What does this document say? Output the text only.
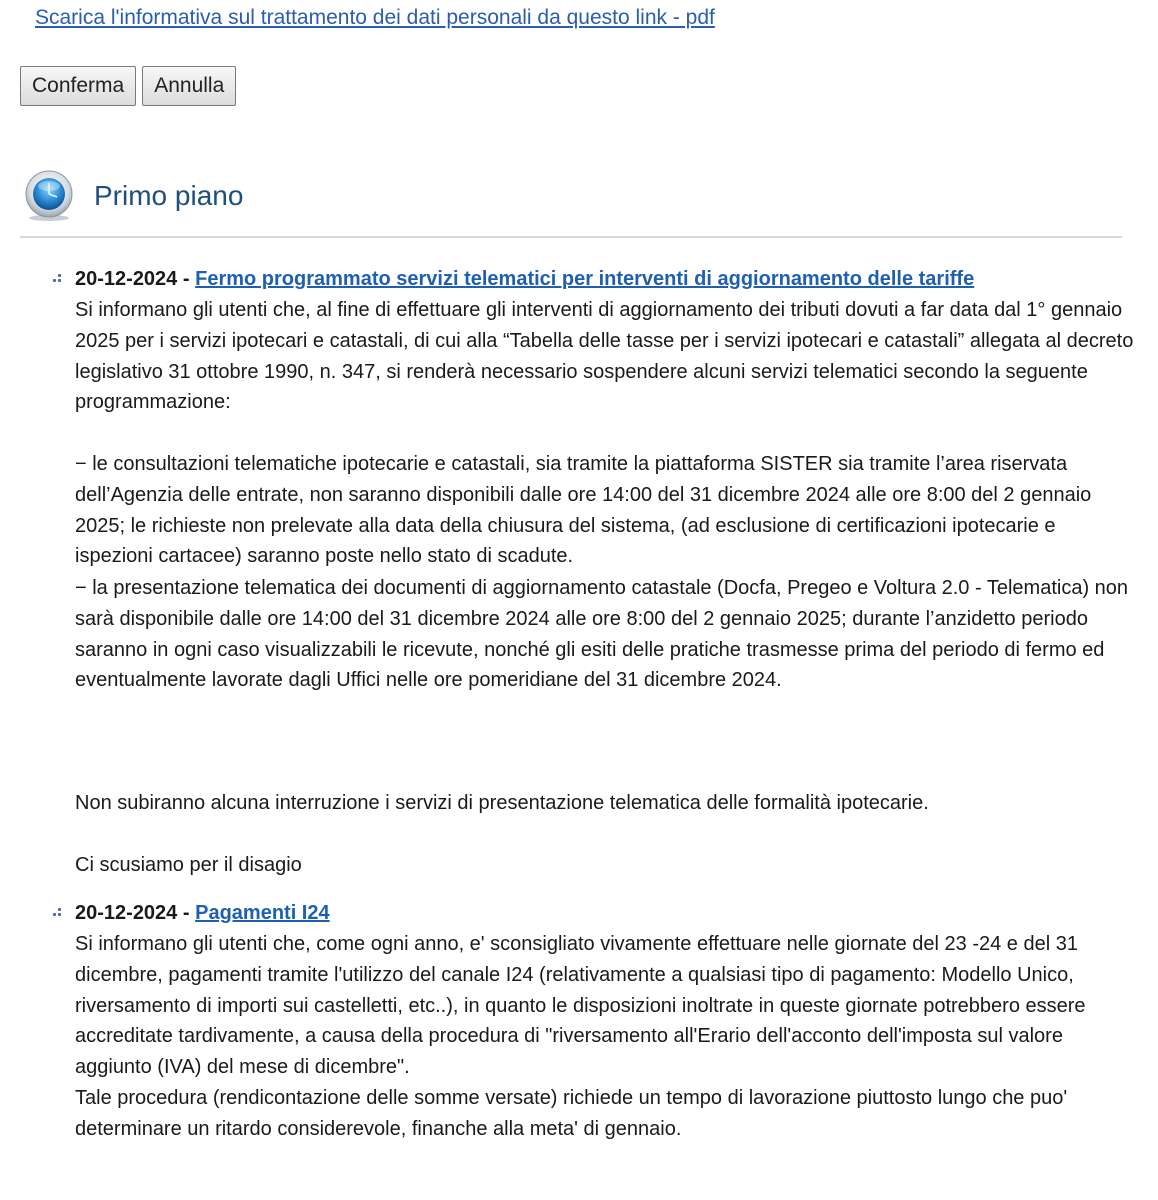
Scarica l'informativa sul trattamento dei dati personali da questo link - pdf
Conferma	Annulla
Primo piano
20-12-2024 - Fermo programmato servizi telematici per interventi di aggiornamento delle tariffe

Si informano gli utenti che, al fine di effettuare gli interventi di aggiornamento dei tributi dovuti a far data dal 1° gennaio 2025 per i servizi ipotecari e catastali, di cui alla “Tabella delle tasse per i servizi ipotecari e catastali” allegata al decreto legislativo 31 ottobre 1990, n. 347, si renderà necessario sospendere alcuni servizi telematici secondo la seguente programmazione:

− le consultazioni telematiche ipotecarie e catastali, sia tramite la piattaforma SISTER sia tramite l’area riservata dell’Agenzia delle entrate, non saranno disponibili dalle ore 14:00 del 31 dicembre 2024 alle ore 8:00 del 2 gennaio 2025; le richieste non prelevate alla data della chiusura del sistema, (ad esclusione di certificazioni ipotecarie e ispezioni cartacee) saranno poste nello stato di scadute.

− la presentazione telematica dei documenti di aggiornamento catastale (Docfa, Pregeo e Voltura 2.0 - Telematica) non sarà disponibile dalle ore 14:00 del 31 dicembre 2024 alle ore 8:00 del 2 gennaio 2025; durante l’anzidetto periodo saranno in ogni caso visualizzabili le ricevute, nonché gli esiti delle pratiche trasmesse prima del periodo di fermo ed eventualmente lavorate dagli Uffici nelle ore pomeridiane del 31 dicembre 2024.

Non subiranno alcuna interruzione i servizi di presentazione telematica delle formalità ipotecarie.

Ci scusiamo per il disagio

20-12-2024 - Pagamenti I24

Si informano gli utenti che, come ogni anno, e' sconsigliato vivamente effettuare nelle giornate del 23 -24 e del 31 dicembre, pagamenti tramite l'utilizzo del canale I24 (relativamente a qualsiasi tipo di pagamento: Modello Unico, riversamento di importi sui castelletti, etc..), in quanto le disposizioni inoltrate in queste giornate potrebbero essere accreditate tardivamente, a causa della procedura di "riversamento all'Erario dell'acconto dell'imposta sul valore aggiunto (IVA) del mese di dicembre".

Tale procedura (rendicontazione delle somme versate) richiede un tempo di lavorazione piuttosto lungo che puo' determinare un ritardo considerevole, finanche alla meta' di gennaio.
